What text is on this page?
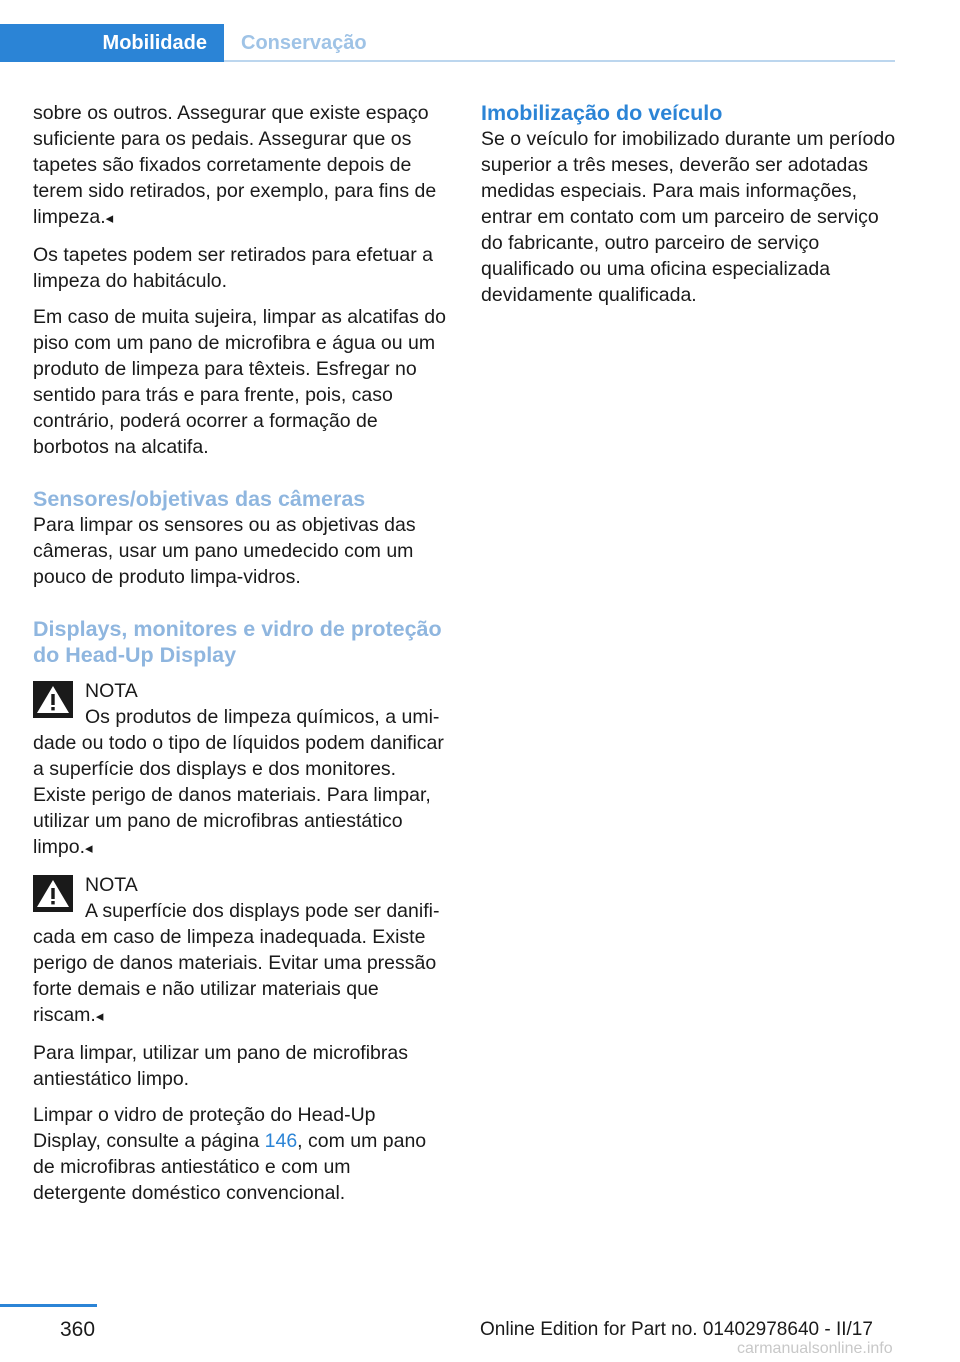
Mobilidade	Conservação

sobre os outros. Assegurar que existe espaço suficiente para os pedais. Assegurar que os tapetes são fixados corretamente depois de terem sido retirados, por exemplo, para fins de limpeza.◂

Os tapetes podem ser retirados para efetuar a limpeza do habitáculo.

Em caso de muita sujeira, limpar as alcatifas do piso com um pano de microfibra e água ou um produto de limpeza para têxteis. Esfregar no sentido para trás e para frente, pois, caso contrário, poderá ocorrer a formação de borbotos na alcatifa.

Sensores/objetivas das câmeras

Para limpar os sensores ou as objetivas das câmeras, usar um pano umedecido com um pouco de produto limpa-vidros.

Displays, monitores e vidro de proteção do Head-Up Display
NOTA
Os produtos de limpeza químicos, a umi-
dade ou todo o tipo de líquidos podem danificar a superfície dos displays e dos monitores. Existe perigo de danos materiais. Para limpar, utilizar um pano de microfibras antiestático limpo.◂
NOTA
A superfície dos displays pode ser danifi-
cada em caso de limpeza inadequada. Existe perigo de danos materiais. Evitar uma pressão forte demais e não utilizar materiais que riscam.◂

Para limpar, utilizar um pano de microfibras antiestático limpo.

Limpar o vidro de proteção do Head-Up Display, consulte a página 146, com um pano de microfibras antiestático e com um detergente doméstico convencional.

Imobilização do veículo

Se o veículo for imobilizado durante um período superior a três meses, deverão ser adotadas medidas especiais. Para mais informações, entrar em contato com um parceiro de serviço do fabricante, outro parceiro de serviço qualificado ou uma oficina especializada devidamente qualificada.

360	Online Edition for Part no. 01402978640 - II/17
carmanualsonline.info
